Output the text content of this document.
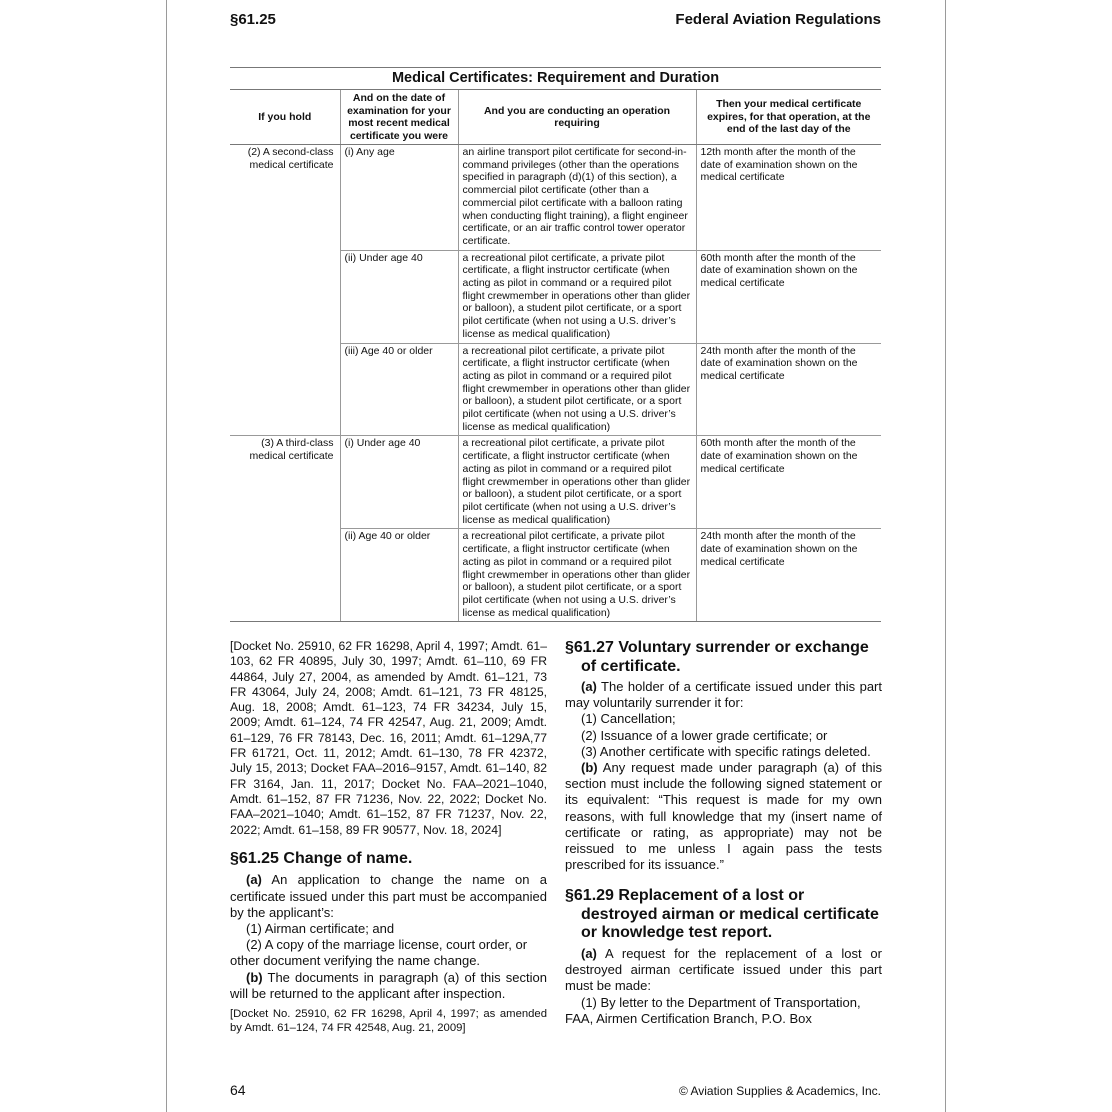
§61.25	Federal Aviation Regulations
Medical Certificates: Requirement and Duration
If you hold	And on the date of examination for your most recent medical certificate you were	And you are conducting an operation requiring	Then your medical certificate expires, for that operation, at the end of the last day of the
(2) A second-class medical certificate	(i) Any age	an airline transport pilot certificate for second-in-command privileges (other than the operations specified in paragraph (d)(1) of this section), a commercial pilot certificate (other than a commercial pilot certificate with a balloon rating when conducting flight training), a flight engineer certificate, or an air traffic control tower operator certificate.	12th month after the month of the date of examination shown on the medical certificate
	(ii) Under age 40	a recreational pilot certificate, a private pilot certificate, a flight instructor certificate (when acting as pilot in command or a required pilot flight crewmember in operations other than glider or balloon), a student pilot certificate, or a sport pilot certificate (when not using a U.S. driver’s license as medical qualification)	60th month after the month of the date of examination shown on the medical certificate
	(iii) Age 40 or older	a recreational pilot certificate, a private pilot certificate, a flight instructor certificate (when acting as pilot in command or a required pilot flight crewmember in operations other than glider or balloon), a student pilot certificate, or a sport pilot certificate (when not using a U.S. driver’s license as medical qualification)	24th month after the month of the date of examination shown on the medical certificate
(3) A third-class medical certificate	(i) Under age 40	a recreational pilot certificate, a private pilot certificate, a flight instructor certificate (when acting as pilot in command or a required pilot flight crewmember in operations other than glider or balloon), a student pilot certificate, or a sport pilot certificate (when not using a U.S. driver’s license as medical qualification)	60th month after the month of the date of examination shown on the medical certificate
	(ii) Age 40 or older	a recreational pilot certificate, a private pilot certificate, a flight instructor certificate (when acting as pilot in command or a required pilot flight crewmember in operations other than glider or balloon), a student pilot certificate, or a sport pilot certificate (when not using a U.S. driver’s license as medical qualification)	24th month after the month of the date of examination shown on the medical certificate

[Docket No. 25910, 62 FR 16298, April 4, 1997; Amdt. 61–103, 62 FR 40895, July 30, 1997; Amdt. 61–110, 69 FR 44864, July 27, 2004, as amended by Amdt. 61–121, 73 FR 43064, July 24, 2008; Amdt. 61–121, 73 FR 48125, Aug. 18, 2008; Amdt. 61–123, 74 FR 34234, July 15, 2009; Amdt. 61–124, 74 FR 42547, Aug. 21, 2009; Amdt. 61–129, 76 FR 78143, Dec. 16, 2011; Amdt. 61–129A,77 FR 61721, Oct. 11, 2012; Amdt. 61–130, 78 FR 42372, July 15, 2013; Docket FAA–2016–9157, Amdt. 61–140, 82 FR 3164, Jan. 11, 2017; Docket No. FAA–2021–1040, Amdt. 61–152, 87 FR 71236, Nov. 22, 2022; Docket No. FAA–2021–1040; Amdt. 61–152, 87 FR 71237, Nov. 22, 2022; Amdt. 61–158, 89 FR 90577, Nov. 18, 2024]

§61.25 Change of name.

(a) An application to change the name on a certificate issued under this part must be accompanied by the applicant’s:

(1) Airman certificate; and

(2) A copy of the marriage license, court order, or other document verifying the name change.

(b) The documents in paragraph (a) of this section will be returned to the applicant after inspection.

[Docket No. 25910, 62 FR 16298, April 4, 1997; as amended by Amdt. 61–124, 74 FR 42548, Aug. 21, 2009]

§61.27 Voluntary surrender or exchange of certificate.

(a) The holder of a certificate issued under this part may voluntarily surrender it for:

(1) Cancellation;

(2) Issuance of a lower grade certificate; or

(3) Another certificate with specific ratings deleted.

(b) Any request made under paragraph (a) of this section must include the following signed statement or its equivalent: “This request is made for my own reasons, with full knowledge that my (insert name of certificate or rating, as appropriate) may not be reissued to me unless I again pass the tests prescribed for its issuance.”

§61.29 Replacement of a lost or destroyed airman or medical certificate or knowledge test report.

(a) A request for the replacement of a lost or destroyed airman certificate issued under this part must be made:

(1) By letter to the Department of Transportation, FAA, Airmen Certification Branch, P.O. Box

64	© Aviation Supplies & Academics, Inc.
